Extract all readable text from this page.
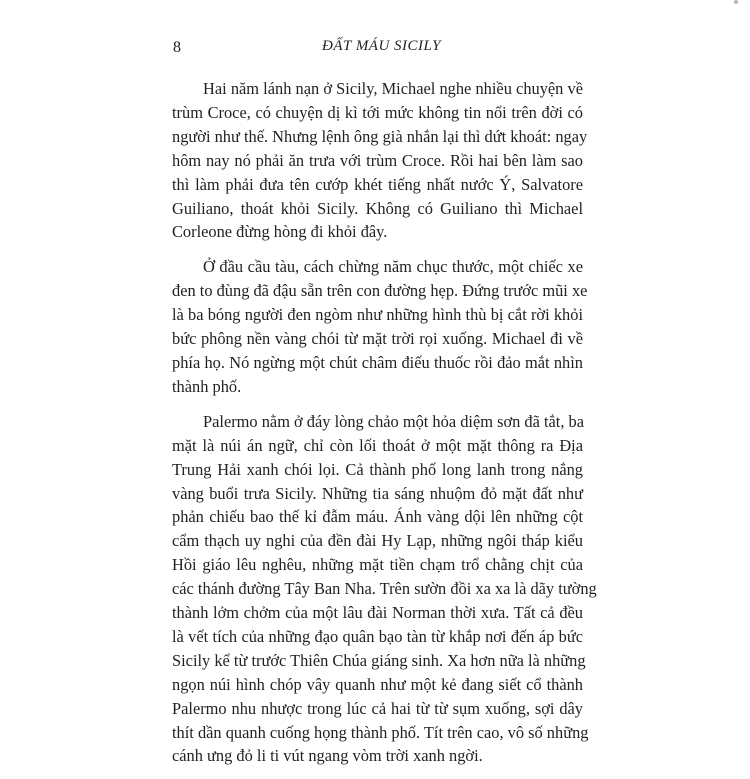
8	ĐẤT MÁU SICILY

Hai năm lánh nạn ở Sicily, Michael nghe nhiều chuyện về
trùm Croce, có chuyện dị kì tới mức không tin nổi trên đời có
người như thế. Nhưng lệnh ông già nhắn lại thì dứt khoát: ngay
hôm nay nó phải ăn trưa với trùm Croce. Rồi hai bên làm sao
thì làm phải đưa tên cướp khét tiếng nhất nước Ý, Salvatore
Guiliano, thoát khỏi Sicily. Không có Guiliano thì Michael
Corleone đừng hòng đi khỏi đây.

Ở đầu cầu tàu, cách chừng năm chục thước, một chiếc xe
đen to đùng đã đậu sẵn trên con đường hẹp. Đứng trước mũi xe
là ba bóng người đen ngòm như những hình thù bị cắt rời khỏi
bức phông nền vàng chói từ mặt trời rọi xuống. Michael đi về
phía họ. Nó ngừng một chút châm điếu thuốc rồi đảo mắt nhìn
thành phố.

Palermo nằm ở đáy lòng chảo một hỏa diệm sơn đã tắt, ba
mặt là núi án ngữ, chỉ còn lối thoát ở một mặt thông ra Địa
Trung Hải xanh chói lọi. Cả thành phố long lanh trong nắng
vàng buổi trưa Sicily. Những tia sáng nhuộm đỏ mặt đất như
phản chiếu bao thế kỉ đẫm máu. Ánh vàng dội lên những cột
cẩm thạch uy nghi của đền đài Hy Lạp, những ngôi tháp kiểu
Hồi giáo lêu nghêu, những mặt tiền chạm trổ chằng chịt của
các thánh đường Tây Ban Nha. Trên sườn đồi xa xa là dãy tường
thành lởm chởm của một lâu đài Norman thời xưa. Tất cả đều
là vết tích của những đạo quân bạo tàn từ khắp nơi đến áp bức
Sicily kể từ trước Thiên Chúa giáng sinh. Xa hơn nữa là những
ngọn núi hình chóp vây quanh như một kẻ đang siết cổ thành
Palermo nhu nhược trong lúc cả hai từ từ sụm xuống, sợi dây
thít dần quanh cuống họng thành phố. Tít trên cao, vô số những
cánh ưng đỏ li ti vút ngang vòm trời xanh ngời.
